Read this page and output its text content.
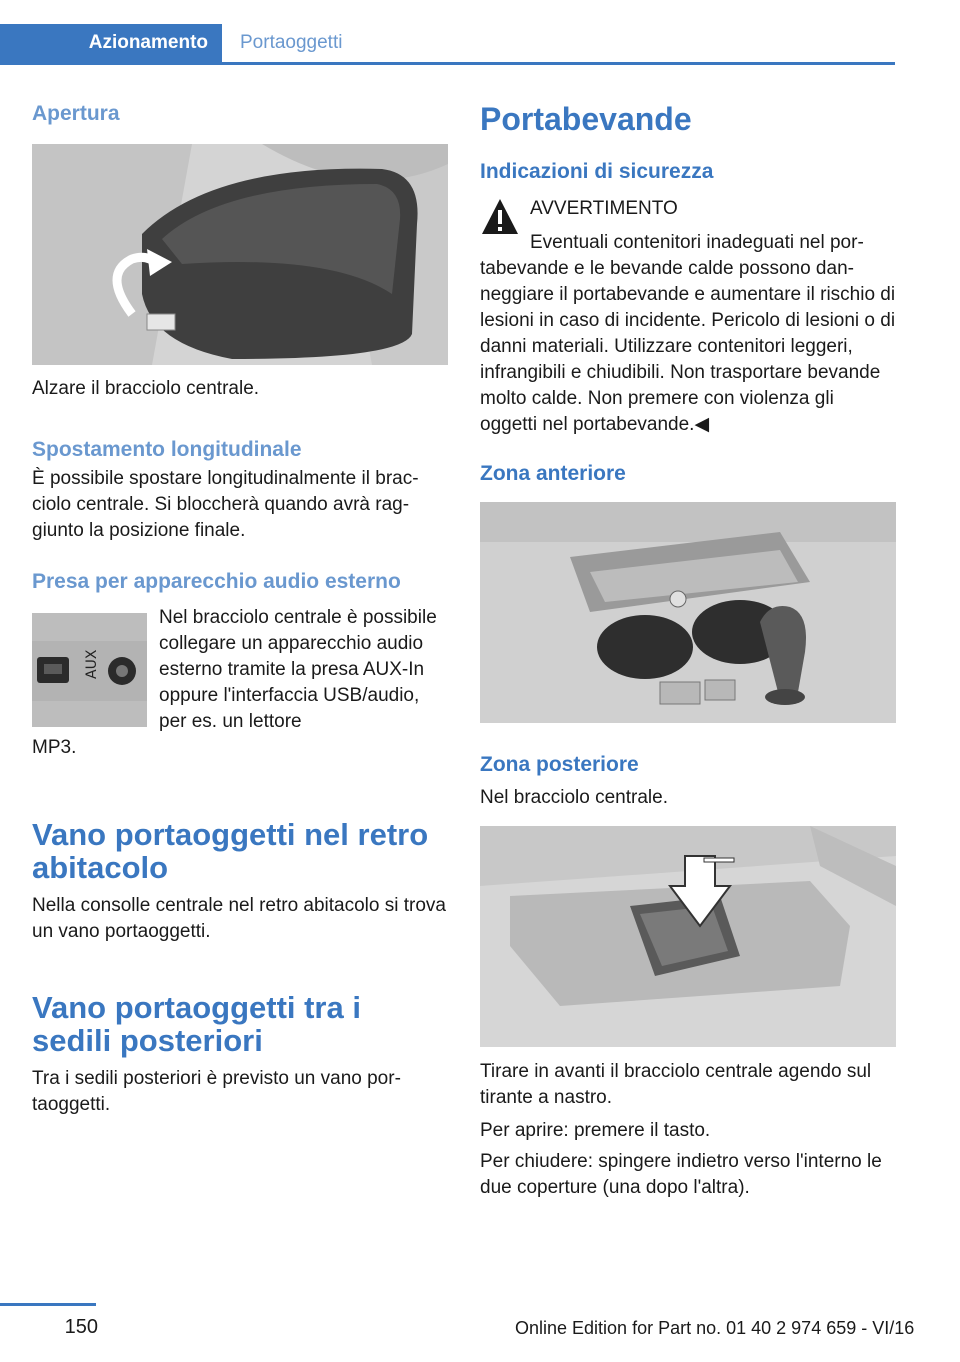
Azionamento	Portaoggetti
Apertura

Alzare il bracciolo centrale.

Spostamento longitudinale

È possibile spostare longitudinalmente il bracciolo centrale. Si bloccherà quando avrà raggiunto la posizione finale.

Presa per apparecchio audio esterno
AUX

Nel bracciolo centrale è possibile collegare un apparecchio audio esterno tramite la presa AUX-In oppure l'interfaccia USB/audio, per es. un lettore

MP3.

Vano portaoggetti nel retro abitacolo

Nella consolle centrale nel retro abitacolo si trova un vano portaoggetti.

Vano portaoggetti tra i sedili posteriori

Tra i sedili posteriori è previsto un vano portaoggetti.

Portabevande
Indicazioni di sicurezza

AVVERTIMENTO

Eventuali contenitori inadeguati nel por-

tabevande e le bevande calde possono danneggiare il portabevande e aumentare il rischio di lesioni in caso di incidente. Pericolo di lesioni o di danni materiali. Utilizzare contenitori leggeri, infrangibili e chiudibili. Non trasportare bevande molto calde. Non premere con violenza gli oggetti nel portabevande.◀

Zona anteriore
Zona posteriore

Nel bracciolo centrale.

Tirare in avanti il bracciolo centrale agendo sul tirante a nastro.

Per aprire: premere il tasto.

Per chiudere: spingere indietro verso l'interno le due coperture (una dopo l'altra).

150	Online Edition for Part no. 01 40 2 974 659 - VI/16
